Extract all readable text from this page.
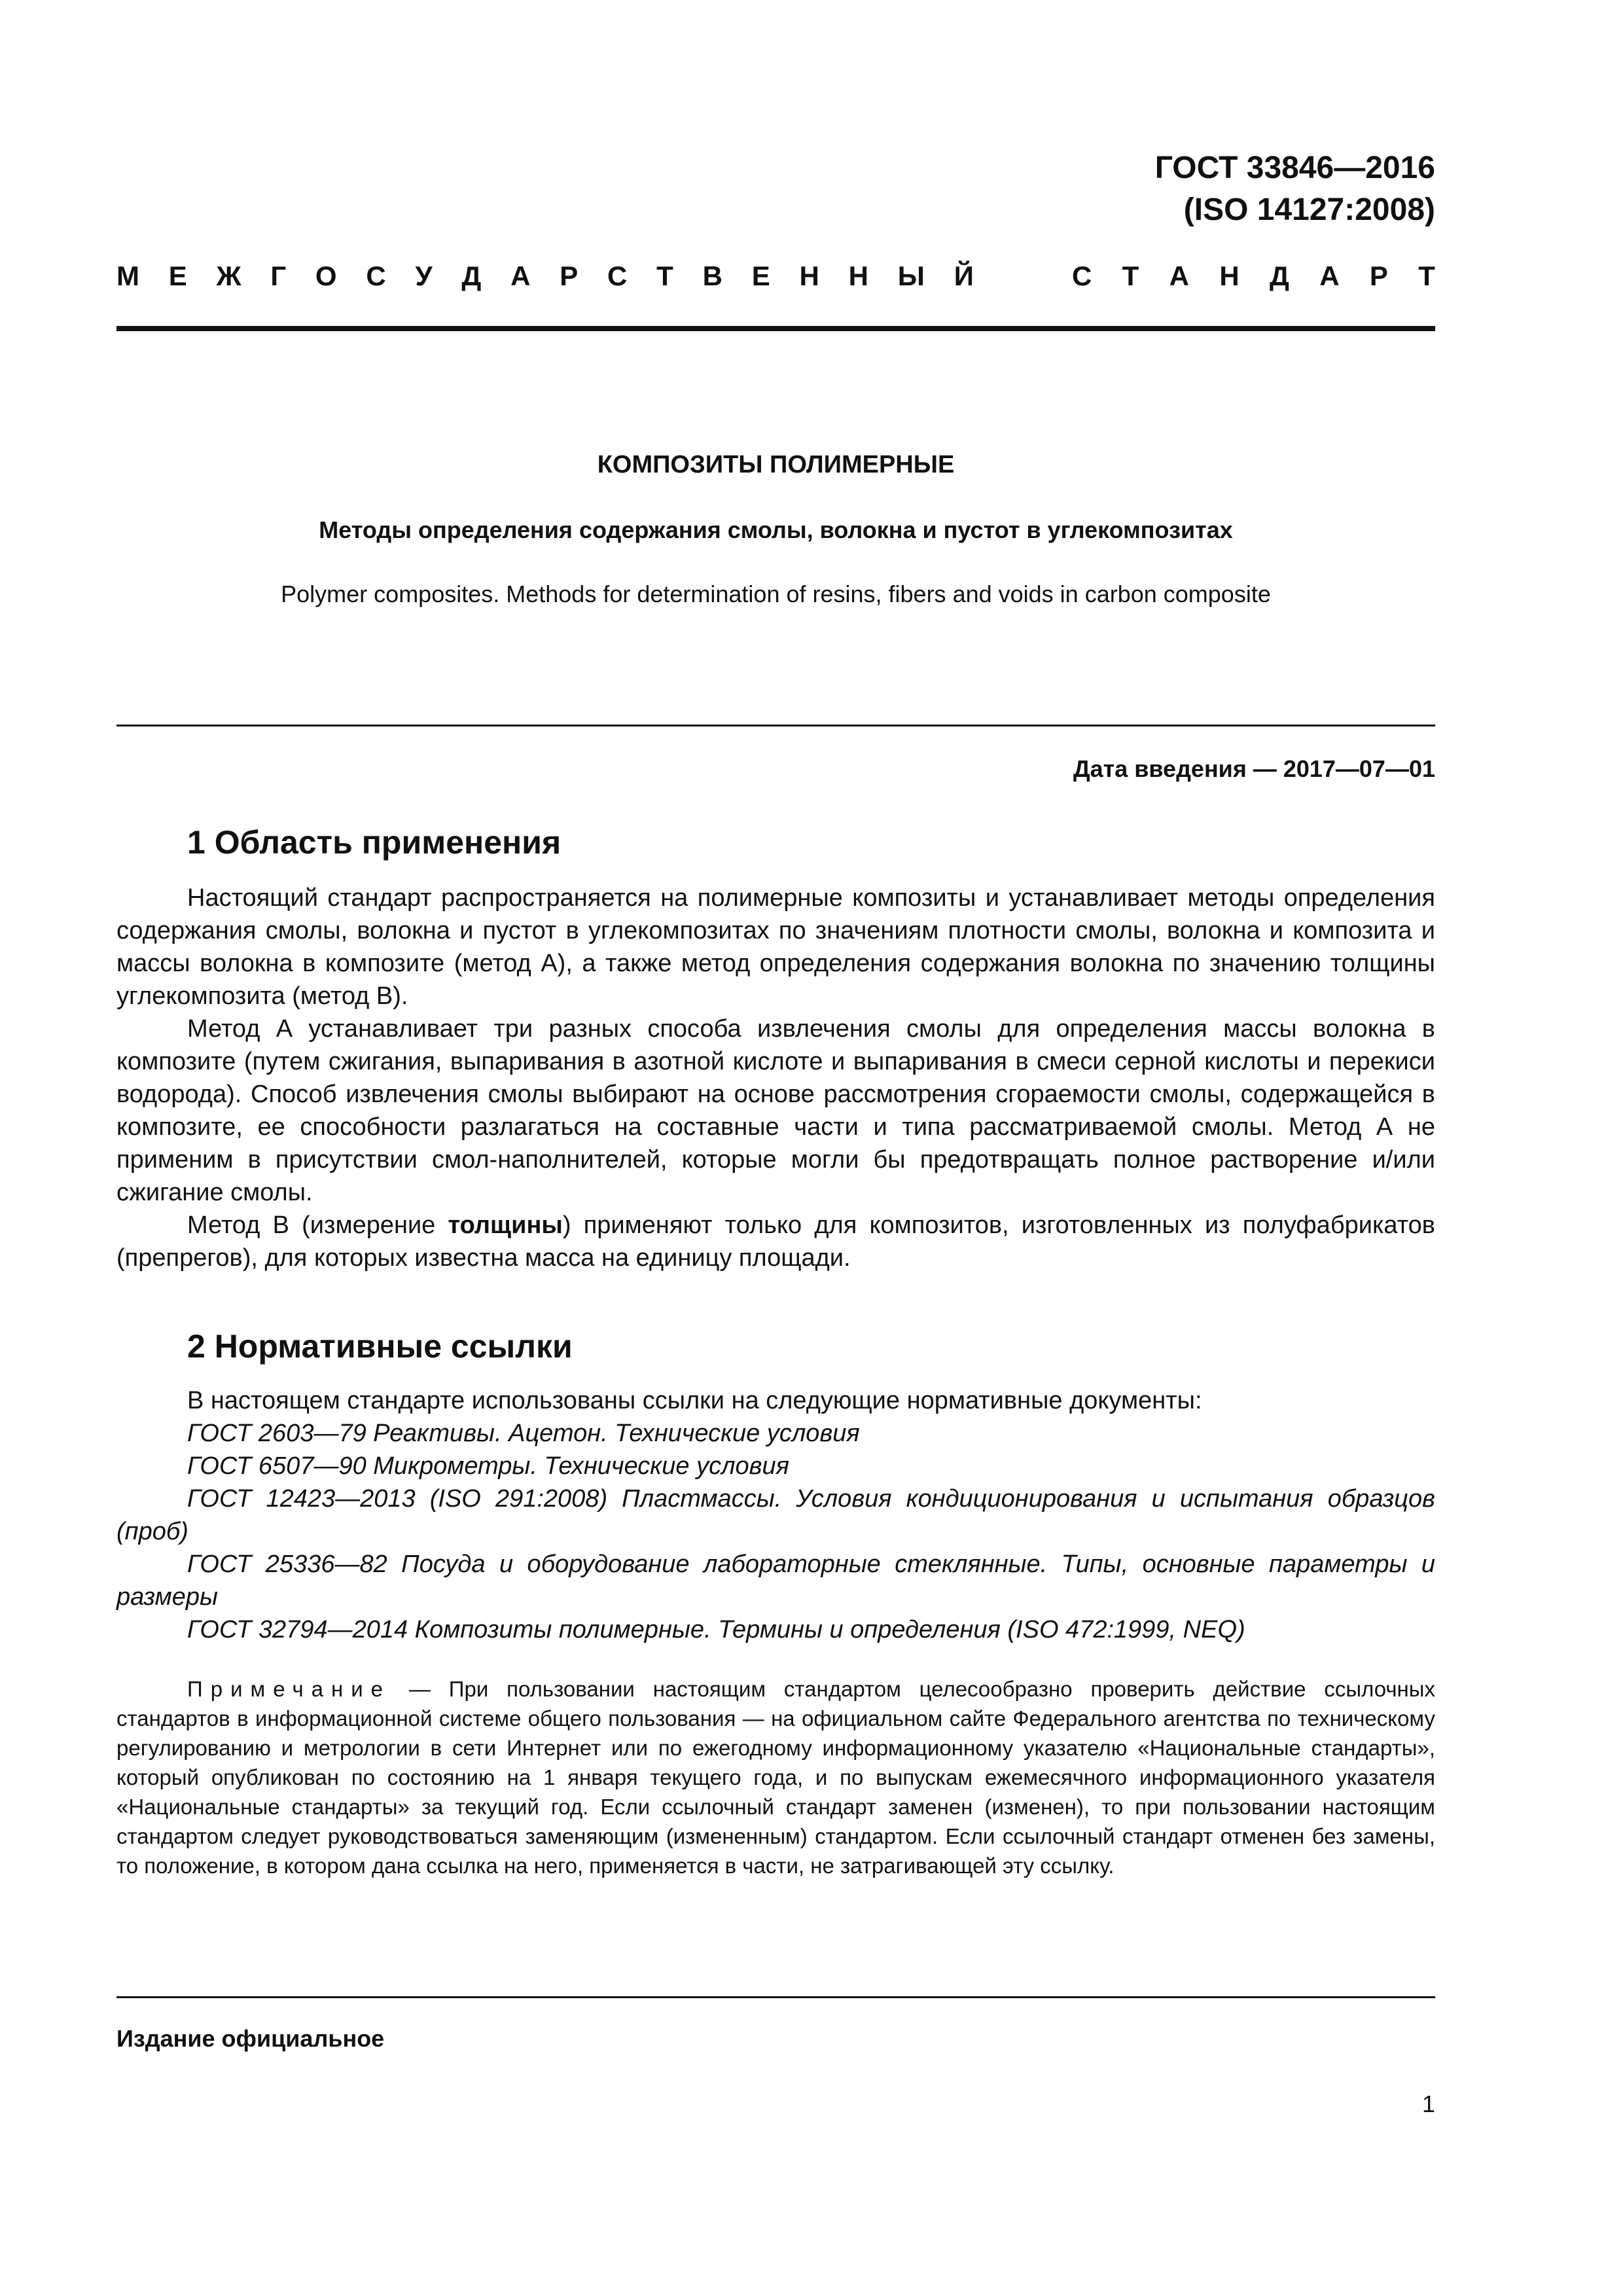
ГОСТ 33846—2016
(ISO 14127:2008)
М Е Ж Г О С У Д А Р С Т В Е Н Н Ы Й	С Т А Н Д А Р Т
КОМПОЗИТЫ ПОЛИМЕРНЫЕ
Методы определения содержания смолы, волокна и пустот в углекомпозитах
Polymer composites. Methods for determination of resins, fibers and voids in carbon composite
Дата введения — 2017—07—01
1 Область применения

Настоящий стандарт распространяется на полимерные композиты и устанавливает методы определения содержания смолы, волокна и пустот в углекомпозитах по значениям плотности смолы, волокна и композита и массы волокна в композите (метод А), а также метод определения содержания волокна по значению толщины углекомпозита (метод В).

Метод А устанавливает три разных способа извлечения смолы для определения массы волокна в композите (путем сжигания, выпаривания в азотной кислоте и выпаривания в смеси серной кислоты и перекиси водорода). Способ извлечения смолы выбирают на основе рассмотрения сгораемости смолы, содержащейся в композите, ее способности разлагаться на составные части и типа рассматриваемой смолы. Метод А не применим в присутствии смол-наполнителей, которые могли бы предотвращать полное растворение и/или сжигание смолы.

Метод В (измерение толщины) применяют только для композитов, изготовленных из полуфабрикатов (препрегов), для которых известна масса на единицу площади.

2 Нормативные ссылки

В настоящем стандарте использованы ссылки на следующие нормативные документы:

ГОСТ 2603—79 Реактивы. Ацетон. Технические условия

ГОСТ 6507—90 Микрометры. Технические условия

ГОСТ 12423—2013 (ISO 291:2008) Пластмассы. Условия кондиционирования и испытания образцов (проб)

ГОСТ 25336—82 Посуда и оборудование лабораторные стеклянные. Типы, основные параметры и размеры

ГОСТ 32794—2014 Композиты полимерные. Термины и определения (ISO 472:1999, NEQ)

Примечание — При пользовании настоящим стандартом целесообразно проверить действие ссылочных стандартов в информационной системе общего пользования — на официальном сайте Федерального агентства по техническому регулированию и метрологии в сети Интернет или по ежегодному информационному указателю «Национальные стандарты», который опубликован по состоянию на 1 января текущего года, и по выпускам ежемесячного информационного указателя «Национальные стандарты» за текущий год. Если ссылочный стандарт заменен (изменен), то при пользовании настоящим стандартом следует руководствоваться заменяющим (измененным) стандартом. Если ссылочный стандарт отменен без замены, то положение, в котором дана ссылка на него, применяется в части, не затрагивающей эту ссылку.

Издание официальное
1
